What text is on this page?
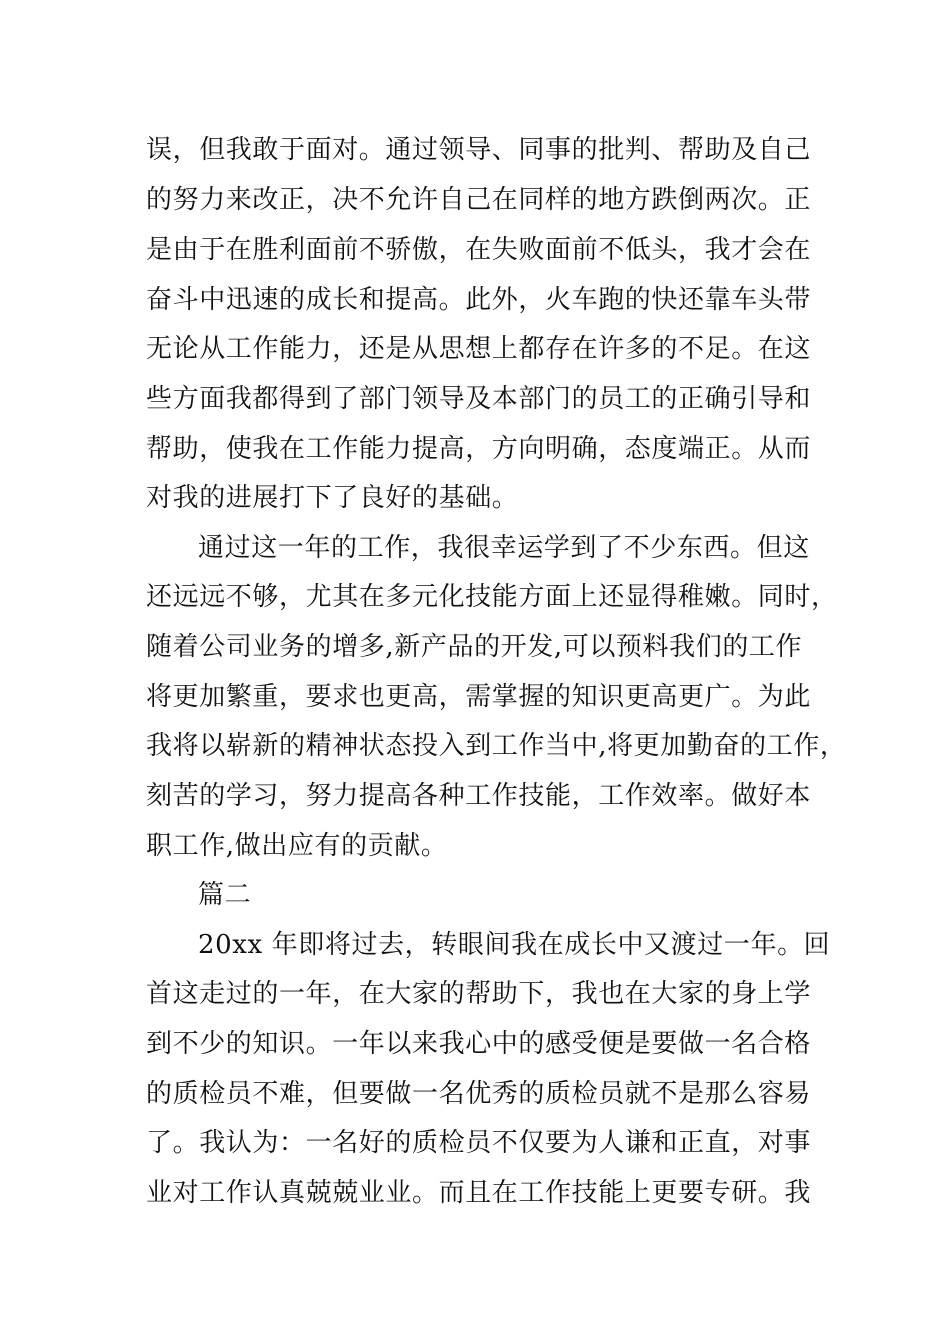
误，但我敢于面对。通过领导、同事的批判、帮助及自己
的努力来改正，决不允许自己在同样的地方跌倒两次。正
是由于在胜利面前不骄傲，在失败面前不低头，我才会在
奋斗中迅速的成长和提高。此外，火车跑的快还靠车头带
无论从工作能力，还是从思想上都存在许多的不足。在这
些方面我都得到了部门领导及本部门的员工的正确引导和
帮助，使我在工作能力提高，方向明确，态度端正。从而
对我的进展打下了良好的基础。
通过这一年的工作，我很幸运学到了不少东西。但这
还远远不够，尤其在多元化技能方面上还显得稚嫩。同时，
随着公司业务的增多,新产品的开发,可以预料我们的工作
将更加繁重，要求也更高，需掌握的知识更高更广。为此
我将以崭新的精神状态投入到工作当中,将更加勤奋的工作，
刻苦的学习，努力提高各种工作技能，工作效率。做好本
职工作,做出应有的贡献。
篇二
20xx 年即将过去，转眼间我在成长中又渡过一年。回
首这走过的一年，在大家的帮助下，我也在大家的身上学
到不少的知识。一年以来我心中的感受便是要做一名合格
的质检员不难，但要做一名优秀的质检员就不是那么容易
了。我认为：一名好的质检员不仅要为人谦和正直，对事
业对工作认真兢兢业业。而且在工作技能上更要专研。我
